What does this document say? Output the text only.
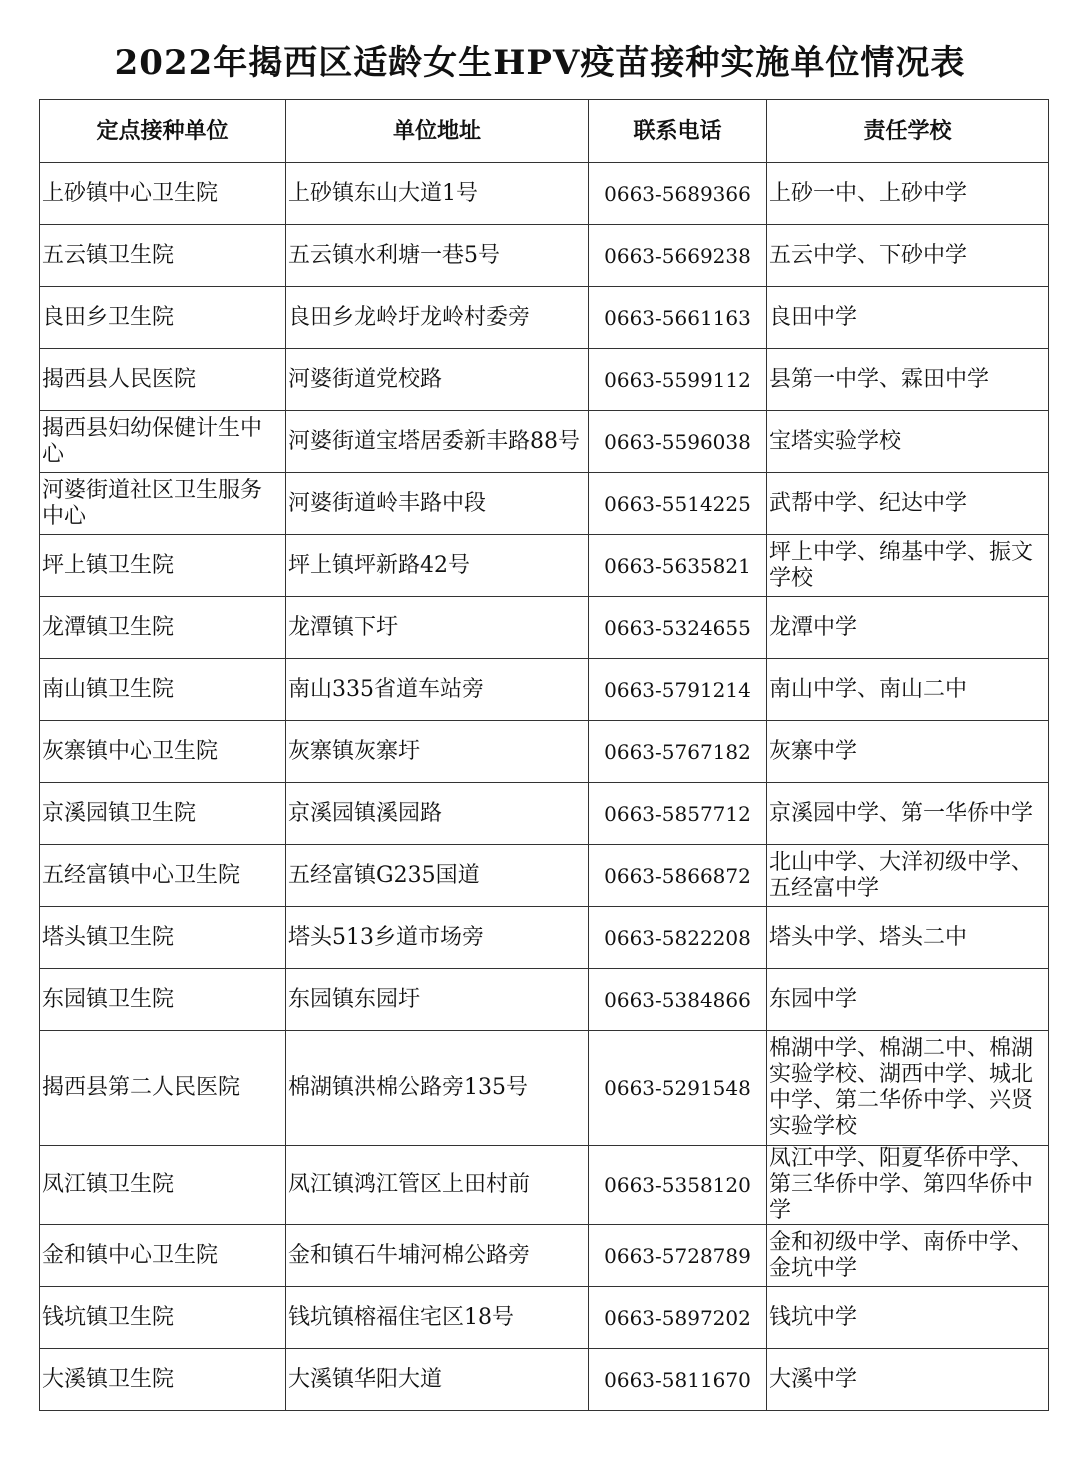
2022年揭西区适龄女生HPV疫苗接种实施单位情况表
定点接种单位	单位地址	联系电话	责任学校
上砂镇中心卫生院	上砂镇东山大道1号	0663-5689366	上砂一中、上砂中学
五云镇卫生院	五云镇水利塘一巷5号	0663-5669238	五云中学、下砂中学
良田乡卫生院	良田乡龙岭圩龙岭村委旁	0663-5661163	良田中学
揭西县人民医院	河婆街道党校路	0663-5599112	县第一中学、霖田中学
揭西县妇幼保健计生中心	河婆街道宝塔居委新丰路88号	0663-5596038	宝塔实验学校
河婆街道社区卫生服务中心	河婆街道岭丰路中段	0663-5514225	武帮中学、纪达中学
坪上镇卫生院	坪上镇坪新路42号	0663-5635821	坪上中学、绵基中学、振文学校
龙潭镇卫生院	龙潭镇下圩	0663-5324655	龙潭中学
南山镇卫生院	南山335省道车站旁	0663-5791214	南山中学、南山二中
灰寨镇中心卫生院	灰寨镇灰寨圩	0663-5767182	灰寨中学
京溪园镇卫生院	京溪园镇溪园路	0663-5857712	京溪园中学、第一华侨中学
五经富镇中心卫生院	五经富镇G235国道	0663-5866872	北山中学、大洋初级中学、五经富中学
塔头镇卫生院	塔头513乡道市场旁	0663-5822208	塔头中学、塔头二中
东园镇卫生院	东园镇东园圩	0663-5384866	东园中学
揭西县第二人民医院	棉湖镇洪棉公路旁135号	0663-5291548	棉湖中学、棉湖二中、棉湖实验学校、湖西中学、城北中学、第二华侨中学、兴贤实验学校
凤江镇卫生院	凤江镇鸿江管区上田村前	0663-5358120	凤江中学、阳夏华侨中学、第三华侨中学、第四华侨中学
金和镇中心卫生院	金和镇石牛埔河棉公路旁	0663-5728789	金和初级中学、南侨中学、金坑中学
钱坑镇卫生院	钱坑镇榕福住宅区18号	0663-5897202	钱坑中学
大溪镇卫生院	大溪镇华阳大道	0663-5811670	大溪中学
